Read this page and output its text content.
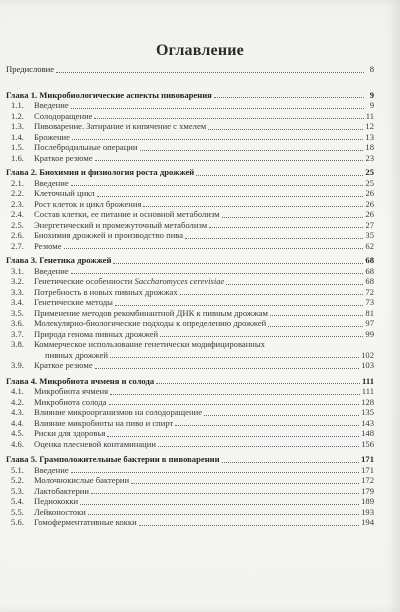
Оглавление
Предисловие	8
Глава 1. Микробиологические аспекты пивоварения	9
1.1.	Введение	9
1.2.	Солодоращение	11
1.3.	Пивоварение. Затирание и кипячение с хмелем	12
1.4.	Брожение	13
1.5.	Послебродильные операции	18
1.6.	Краткое резюме	23
Глава 2. Биохимия и физиология роста дрожжей	25
2.1.	Введение	25
2.2.	Клеточный цикл	26
2.3.	Рост клеток и цикл брожения	26
2.4.	Состав клетки, ее питание и основной метаболизм	26
2.5.	Энергетический и промежуточный метаболизм	27
2.6.	Биохимия дрожжей и производство пива	35
2.7.	Резюме	62
Глава 3. Генетика дрожжей	68
3.1.	Введение	68
3.2.	Генетические особенности Saccharomyces cerevisiae	68
3.3.	Потребность в новых пивных дрожжах	72
3.4.	Генетические методы	73
3.5.	Применение методов рекомбинантной ДНК к пивным дрожжам	81
3.6.	Молекулярно-биологические подходы к определению дрожжей	97
3.7.	Природа генома пивных дрожжей	99
3.8.	Коммерческое использование генетически модифицированных
пивных дрожжей	102
3.9.	Краткое резюме	103
Глава 4. Микробиота ячменя и солода	111
4.1.	Микробиота ячменя	111
4.2.	Микробиота солода	128
4.3.	Влияние микроорганизмов на солодоращение	135
4.4.	Влияние микробиоты на пиво и спирт	143
4.5.	Риски для здоровья	148
4.6.	Оценка плесневой контаминации	156
Глава 5. Грамположительные бактерии в пивоварении	171
5.1.	Введение	171
5.2.	Молочнокислые бактерии	172
5.3.	Лактобактерии	179
5.4.	Педиококки	189
5.5.	Лейконостоки	193
5.6.	Гомоферментативные кокки	194
